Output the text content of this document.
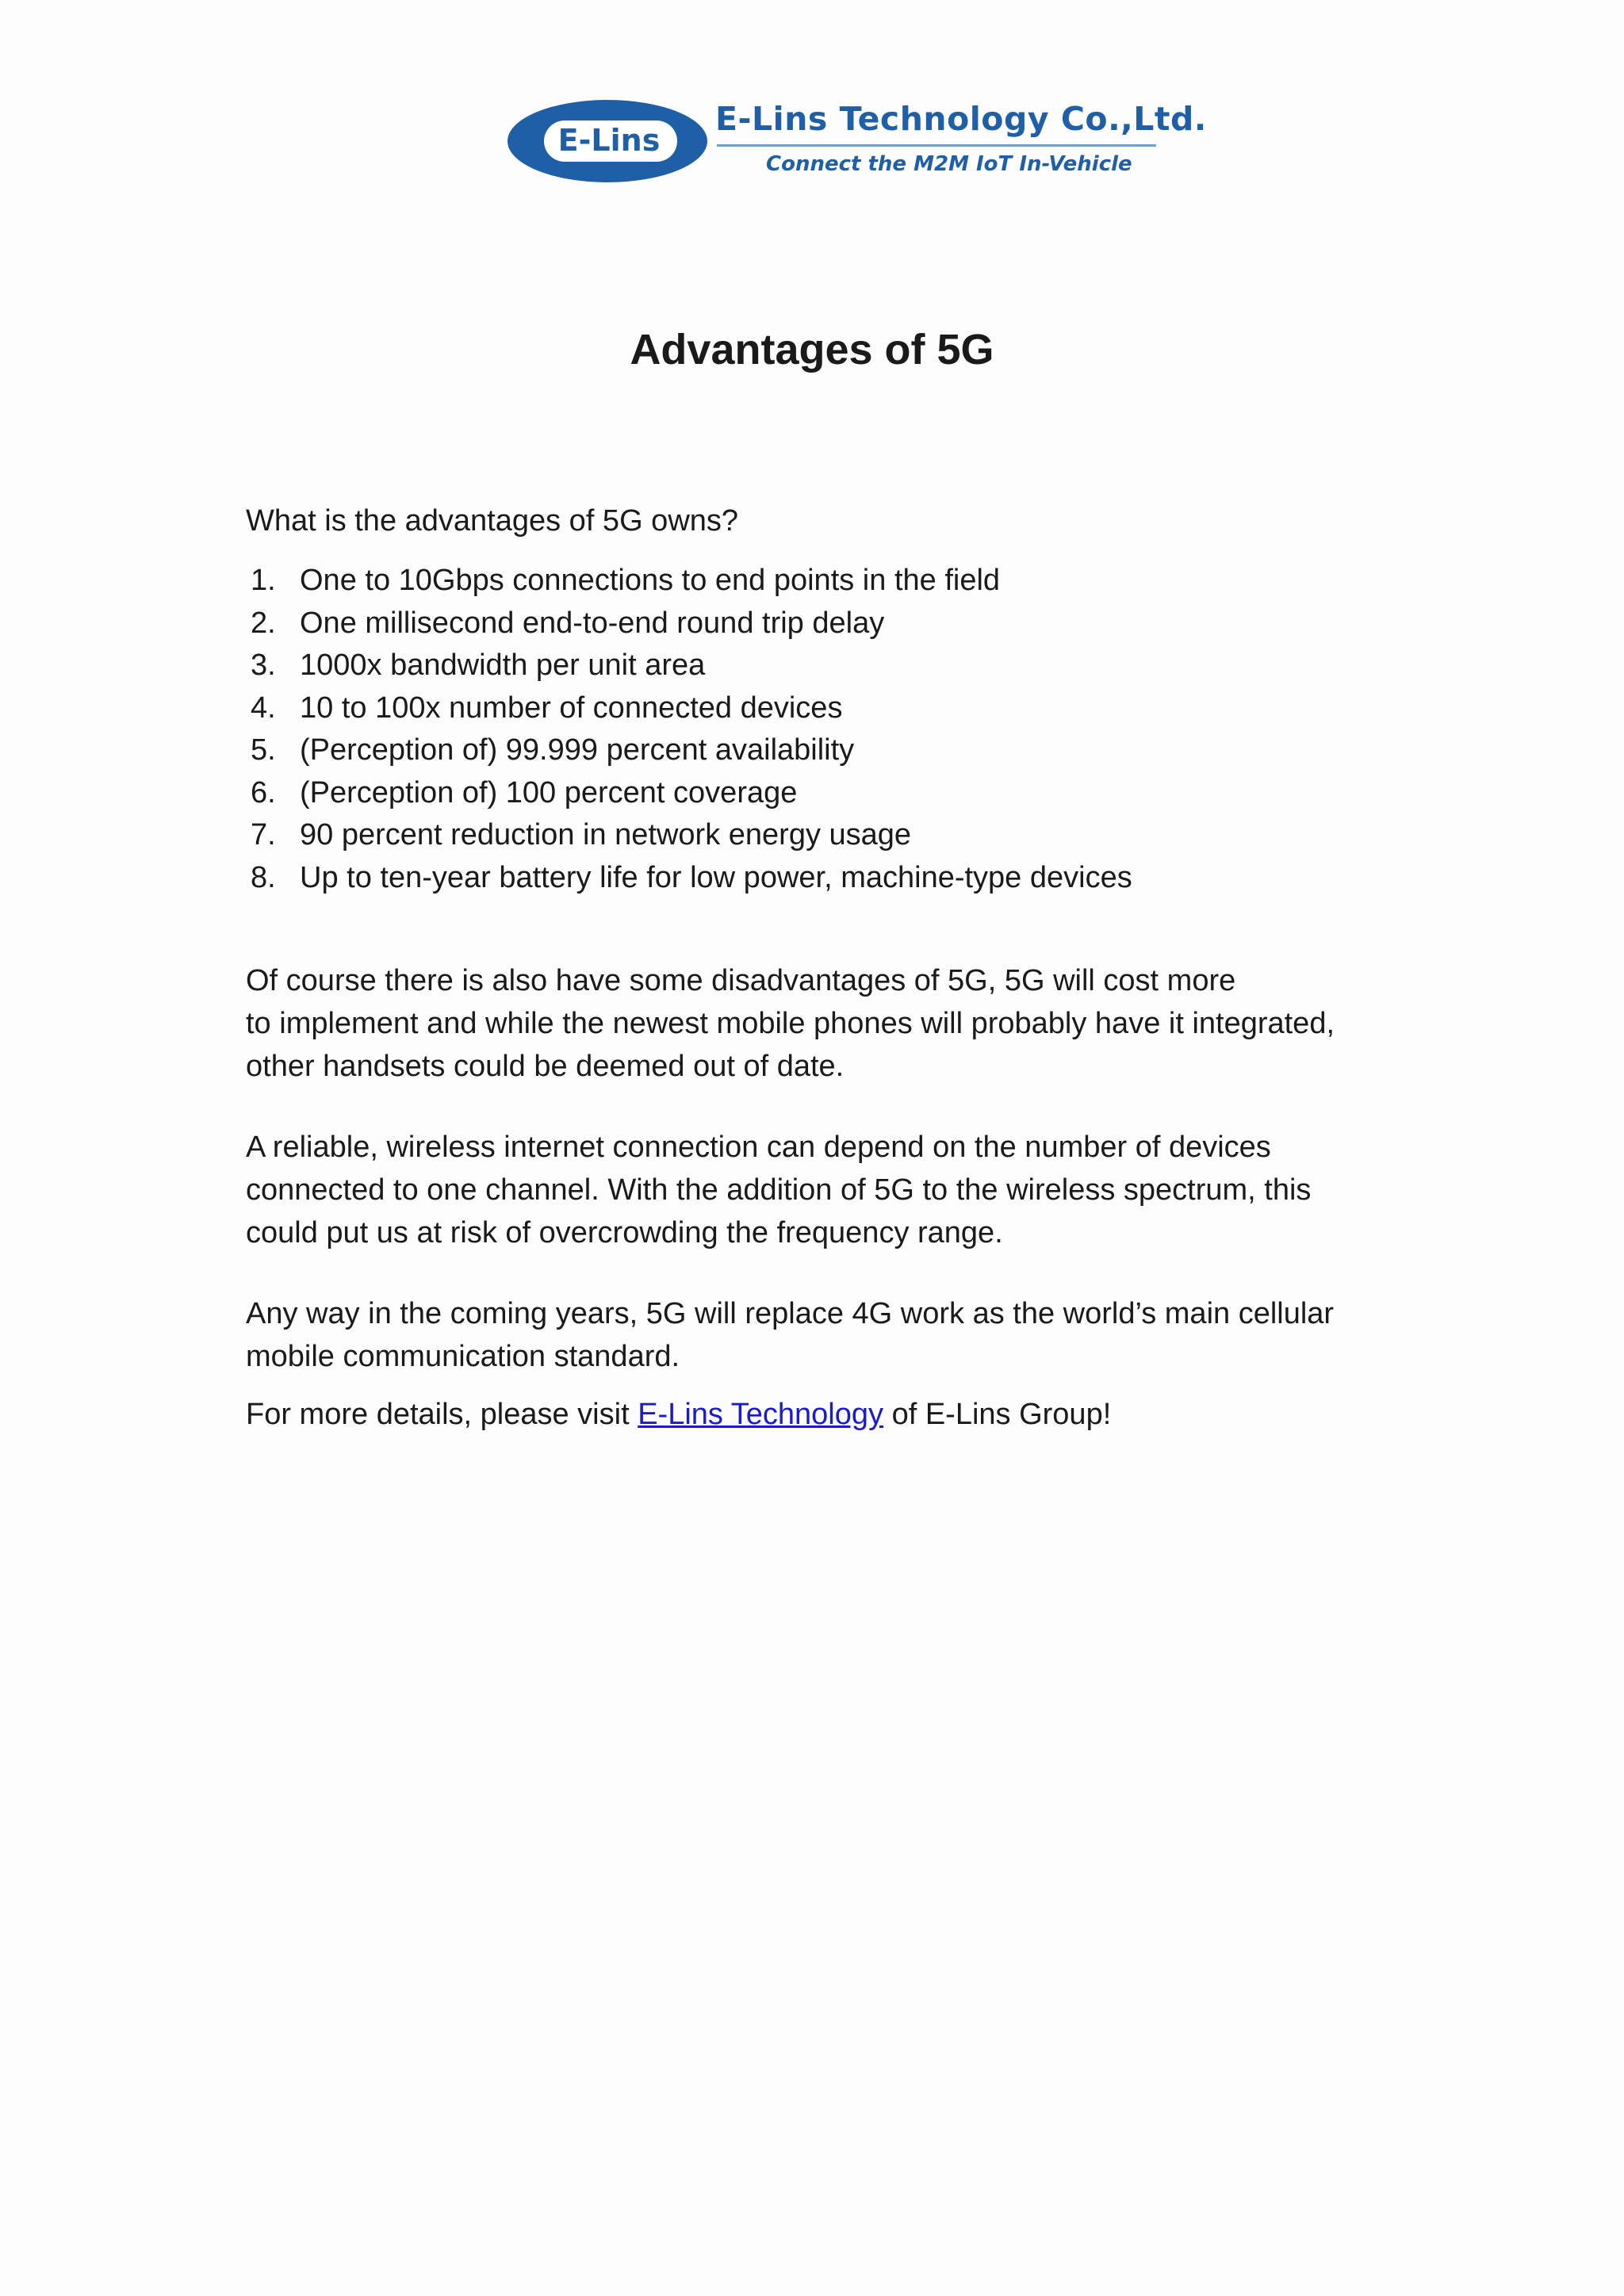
E-Lins
E-Lins Technology Co.,Ltd.
Connect the M2M IoT In-Vehicle
Advantages of 5G
What is the advantages of 5G owns?
1. One to 10Gbps connections to end points in the field
2. One millisecond end-to-end round trip delay
3. 1000x bandwidth per unit area
4. 10 to 100x number of connected devices
5. (Perception of) 99.999 percent availability
6. (Perception of) 100 percent coverage
7. 90 percent reduction in network energy usage
8. Up to ten-year battery life for low power, machine-type devices
Of course there is also have some disadvantages of 5G, 5G will cost more
to implement and while the newest mobile phones will probably have it integrated,
other handsets could be deemed out of date.
A reliable, wireless internet connection can depend on the number of devices
connected to one channel. With the addition of 5G to the wireless spectrum, this
could put us at risk of overcrowding the frequency range.
Any way in the coming years, 5G will replace 4G work as the world’s main cellular
mobile communication standard.
For more details, please visit E-Lins Technology of E-Lins Group!
